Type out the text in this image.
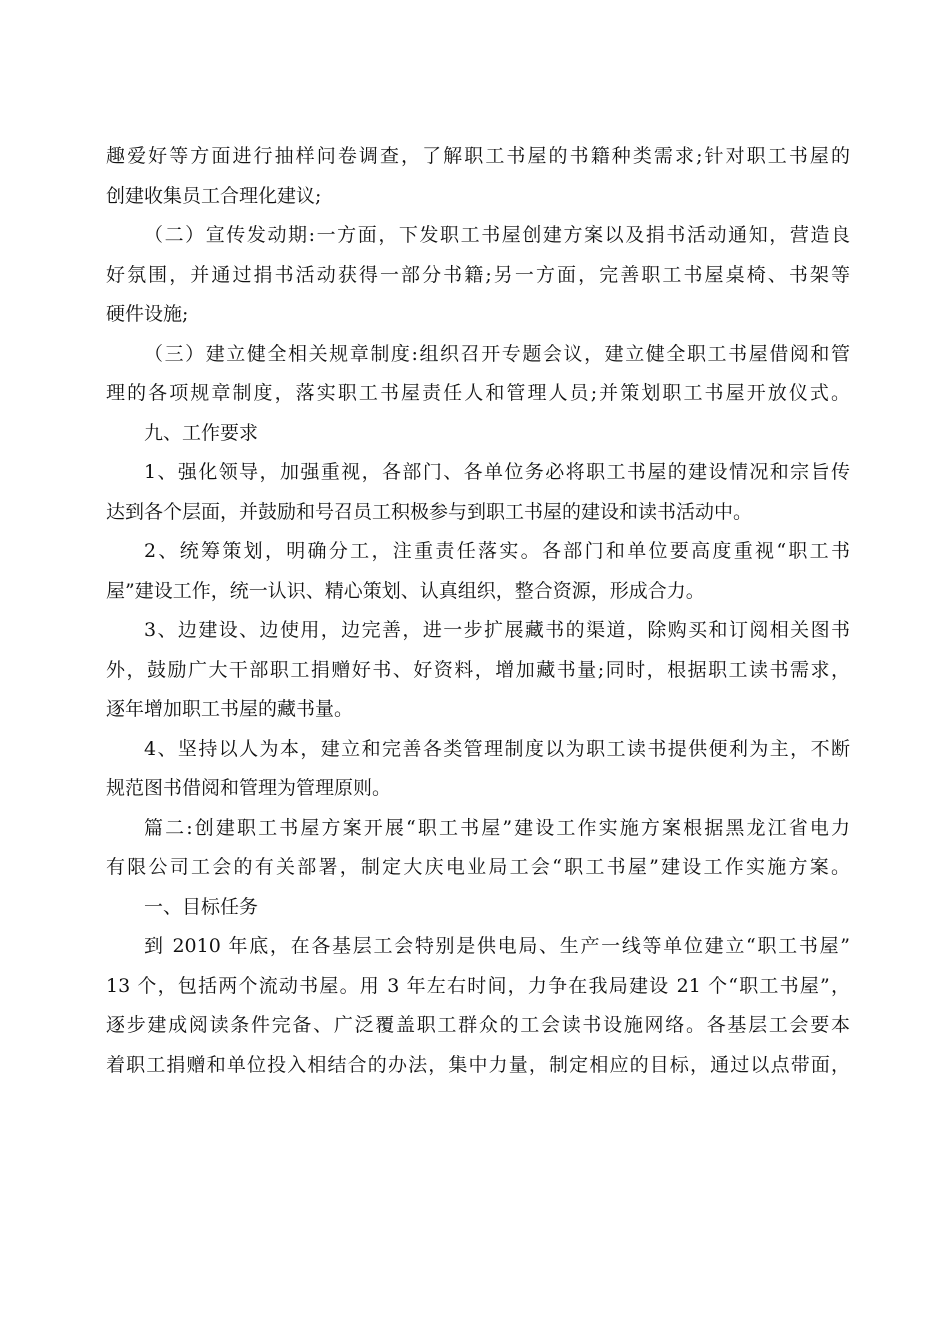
趣爱好等方面进行抽样问卷调查，了解职工书屋的书籍种类需求;针对职工书屋的
创建收集员工合理化建议;
（二）宣传发动期:一方面，下发职工书屋创建方案以及捐书活动通知，营造良
好氛围，并通过捐书活动获得一部分书籍;另一方面，完善职工书屋桌椅、书架等
硬件设施;
（三）建立健全相关规章制度:组织召开专题会议，建立健全职工书屋借阅和管
理的各项规章制度，落实职工书屋责任人和管理人员;并策划职工书屋开放仪式。
九、工作要求
1、强化领导，加强重视，各部门、各单位务必将职工书屋的建设情况和宗旨传
达到各个层面，并鼓励和号召员工积极参与到职工书屋的建设和读书活动中。
2、统筹策划，明确分工，注重责任落实。各部门和单位要高度重视“职工书
屋”建设工作，统一认识、精心策划、认真组织，整合资源，形成合力。
3、边建设、边使用，边完善，进一步扩展藏书的渠道，除购买和订阅相关图书
外，鼓励广大干部职工捐赠好书、好资料，增加藏书量;同时，根据职工读书需求，
逐年增加职工书屋的藏书量。
4、坚持以人为本，建立和完善各类管理制度以为职工读书提供便利为主，不断
规范图书借阅和管理为管理原则。
篇二:创建职工书屋方案开展“职工书屋”建设工作实施方案根据黑龙江省电力
有限公司工会的有关部署，制定大庆电业局工会“职工书屋”建设工作实施方案。
一、目标任务
到 2010 年底，在各基层工会特别是供电局、生产一线等单位建立“职工书屋”
13 个，包括两个流动书屋。用 3 年左右时间，力争在我局建设 21 个“职工书屋”，
逐步建成阅读条件完备、广泛覆盖职工群众的工会读书设施网络。各基层工会要本
着职工捐赠和单位投入相结合的办法，集中力量，制定相应的目标，通过以点带面，
